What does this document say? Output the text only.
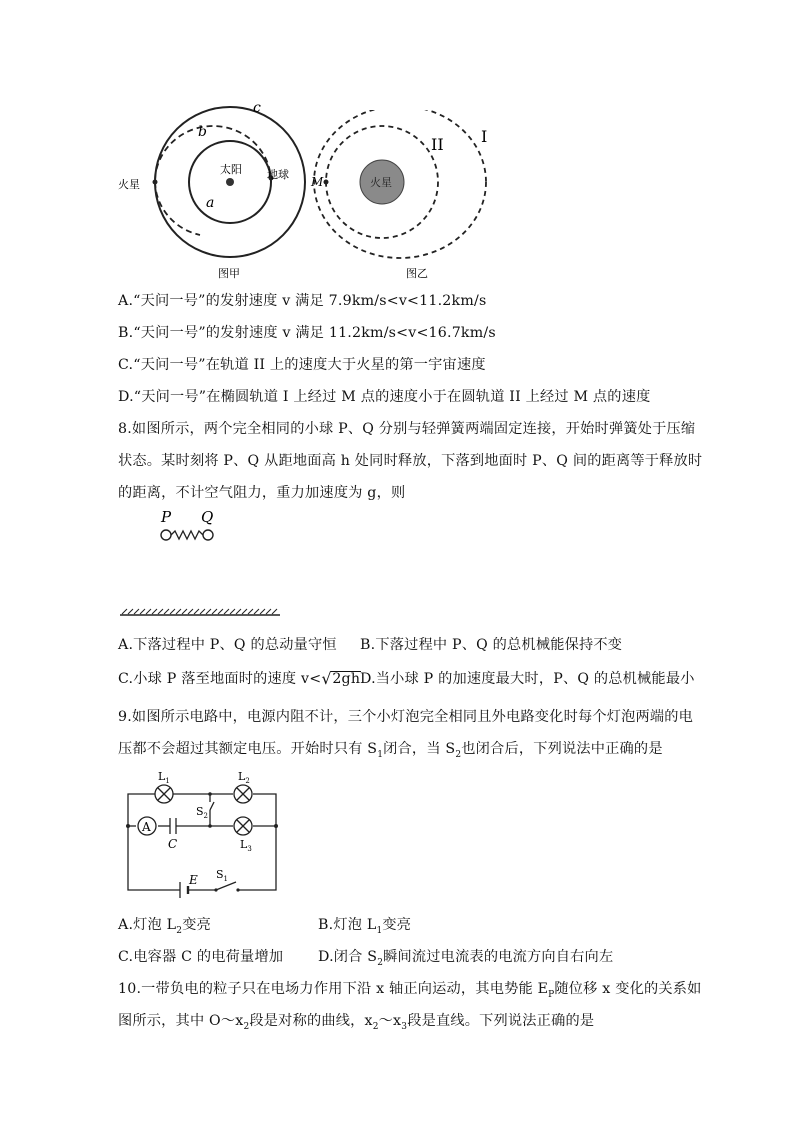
c
b
a
太阳 地球
火星
图甲
M	火星
II I
图乙
A.“天问一号”的发射速度 v 满足 7.9km/s<v<11.2km/s
B.“天问一号”的发射速度 v 满足 11.2km/s<v<16.7km/s
C.“天问一号”在轨道 II 上的速度大于火星的第一宇宙速度
D.“天问一号”在椭圆轨道 I 上经过 M 点的速度小于在圆轨道 II 上经过 M 点的速度
8.如图所示，两个完全相同的小球 P、Q 分别与轻弹簧两端固定连接，开始时弹簧处于压缩
状态。某时刻将 P、Q 从距地面高 h 处同时释放，下落到地面时 P、Q 间的距离等于释放时
的距离，不计空气阻力，重力加速度为 g，则
P Q
A.下落过程中 P、Q 的总动量守恒 B.下落过程中 P、Q 的总机械能保持不变
C.小球 P 落至地面时的速度 v< √ 2gh D.当小球 P 的加速度最大时，P、Q 的总机械能最小
9.如图所示电路中，电源内阻不计，三个小灯泡完全相同且外电路变化时每个灯泡两端的电
压都不会超过其额定电压。开始时只有 $S_1$闭合，当 $S_2$也闭合后，下列说法中正确的是
A
$L_1$	$L_2$
$L_3$
$S_2$
$S_1$
C
E
A.灯泡 $L_2$变亮	B.灯泡 $L_1$变亮
C.电容器 C 的电荷量增加 D.闭合 $S_2$瞬间流过电流表的电流方向自右向左
10.一带负电的粒子只在电场力作用下沿 x 轴正向运动，其电势能 $E_P$随位移 x 变化的关系如
图所示，其中 $O\sim x_2$段是对称的曲线，$x_2\sim x_3$段是直线。下列说法正确的是
